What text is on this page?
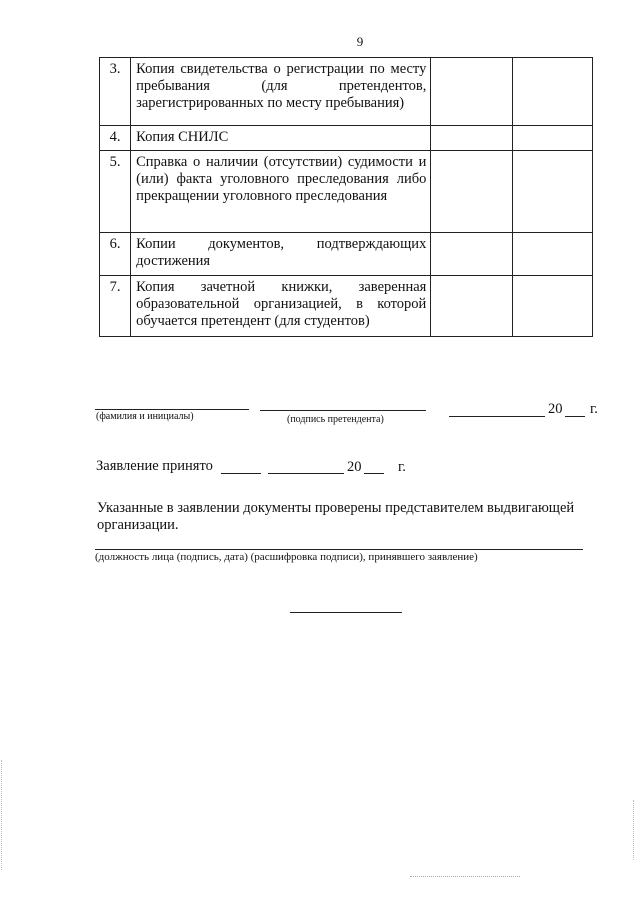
9
3.	Копия свидетельства о регистрации по месту пребывания (для претендентов, зарегистрированных по месту пребывания)		
4.	Копия СНИЛС		
5.	Справка о наличии (отсутствии) судимости и (или) факта уголовного преследования либо прекращении уголовного преследования		
6.	Копии документов, подтверждающих достижения		
7.	Копия зачетной книжки, заверенная образовательной организацией, в которой обучается претендент (для студентов)		
(фамилия и инициалы)	(подпись претендента)
20 г.
Заявление принято	20	г.
Указанные в заявлении документы проверены представителем выдвигающей организации.
(должность лица (подпись, дата) (расшифровка подписи), принявшего заявление)
